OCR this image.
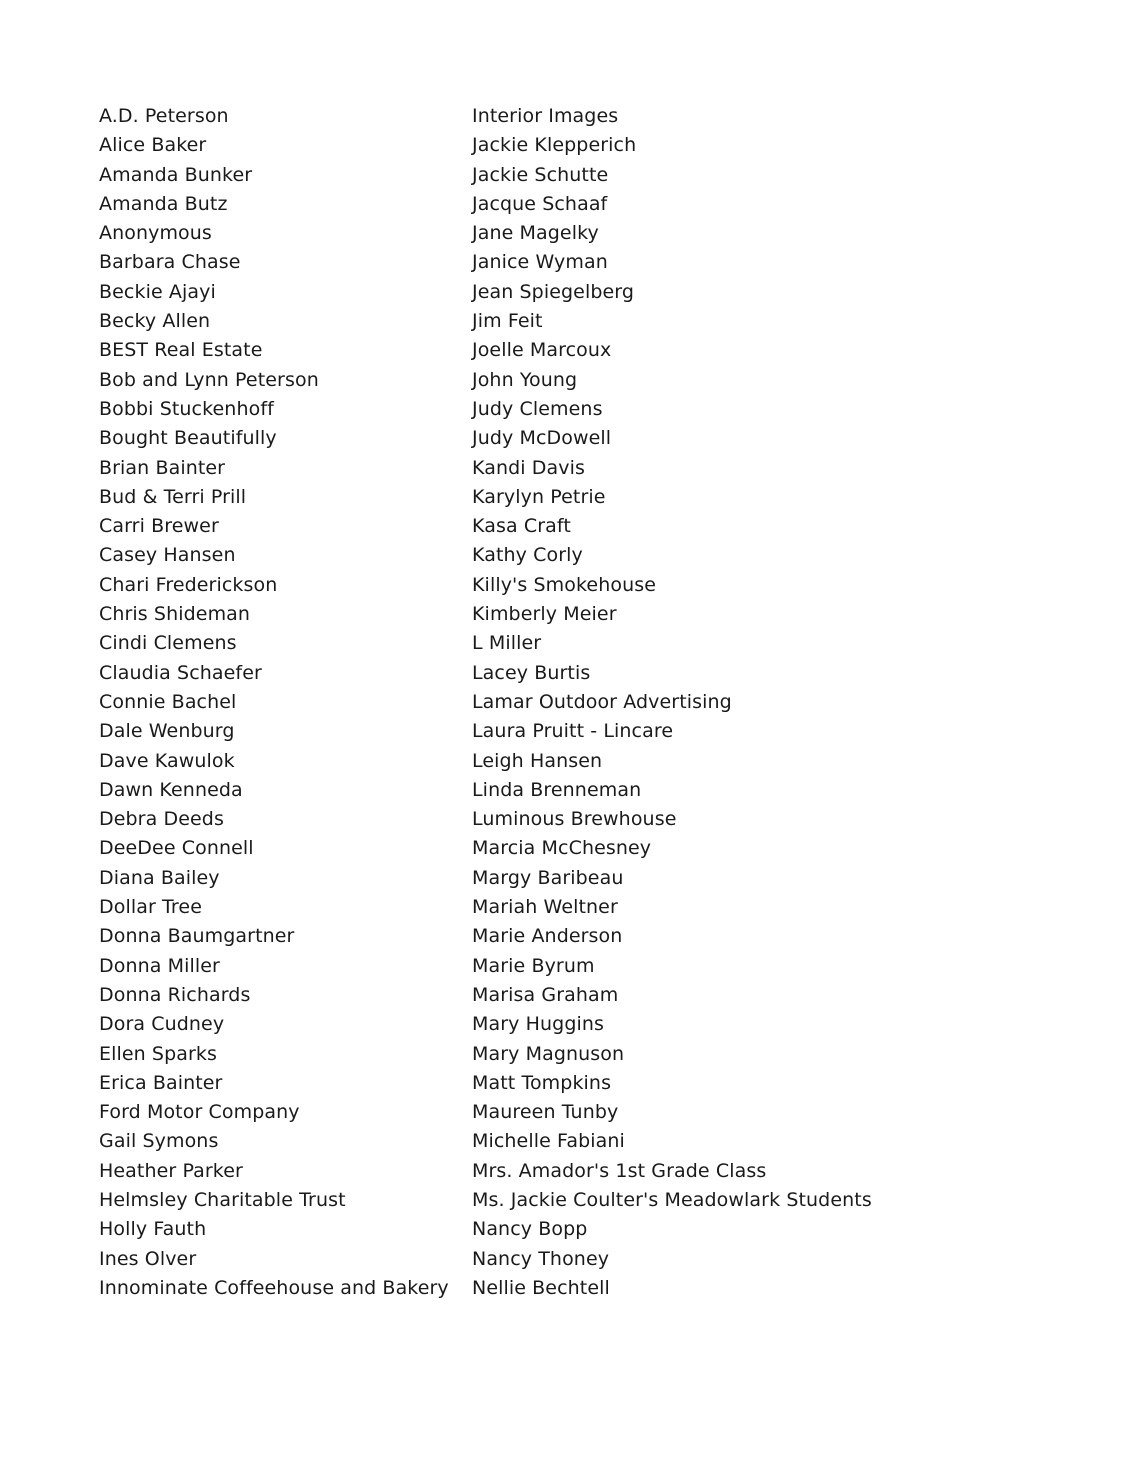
A.D. Peterson
Alice Baker
Amanda Bunker
Amanda Butz
Anonymous
Barbara Chase
Beckie Ajayi
Becky Allen
BEST Real Estate
Bob and Lynn Peterson
Bobbi Stuckenhoff
Bought Beautifully
Brian Bainter
Bud & Terri Prill
Carri Brewer
Casey Hansen
Chari Frederickson
Chris Shideman
Cindi Clemens
Claudia Schaefer
Connie Bachel
Dale Wenburg
Dave Kawulok
Dawn Kenneda
Debra Deeds
DeeDee Connell
Diana Bailey
Dollar Tree
Donna Baumgartner
Donna Miller
Donna Richards
Dora Cudney
Ellen Sparks
Erica Bainter
Ford Motor Company
Gail Symons
Heather Parker
Helmsley Charitable Trust
Holly Fauth
Ines Olver
Innominate Coffeehouse and Bakery
Interior Images
Jackie Klepperich
Jackie Schutte
Jacque Schaaf
Jane Magelky
Janice Wyman
Jean Spiegelberg
Jim Feit
Joelle Marcoux
John Young
Judy Clemens
Judy McDowell
Kandi Davis
Karylyn Petrie
Kasa Craft
Kathy Corly
Killy's Smokehouse
Kimberly Meier
L Miller
Lacey Burtis
Lamar Outdoor Advertising
Laura Pruitt - Lincare
Leigh Hansen
Linda Brenneman
Luminous Brewhouse
Marcia McChesney
Margy Baribeau
Mariah Weltner
Marie Anderson
Marie Byrum
Marisa Graham
Mary Huggins
Mary Magnuson
Matt Tompkins
Maureen Tunby
Michelle Fabiani
Mrs. Amador's 1st Grade Class
Ms. Jackie Coulter's Meadowlark Students
Nancy Bopp
Nancy Thoney
Nellie Bechtell
